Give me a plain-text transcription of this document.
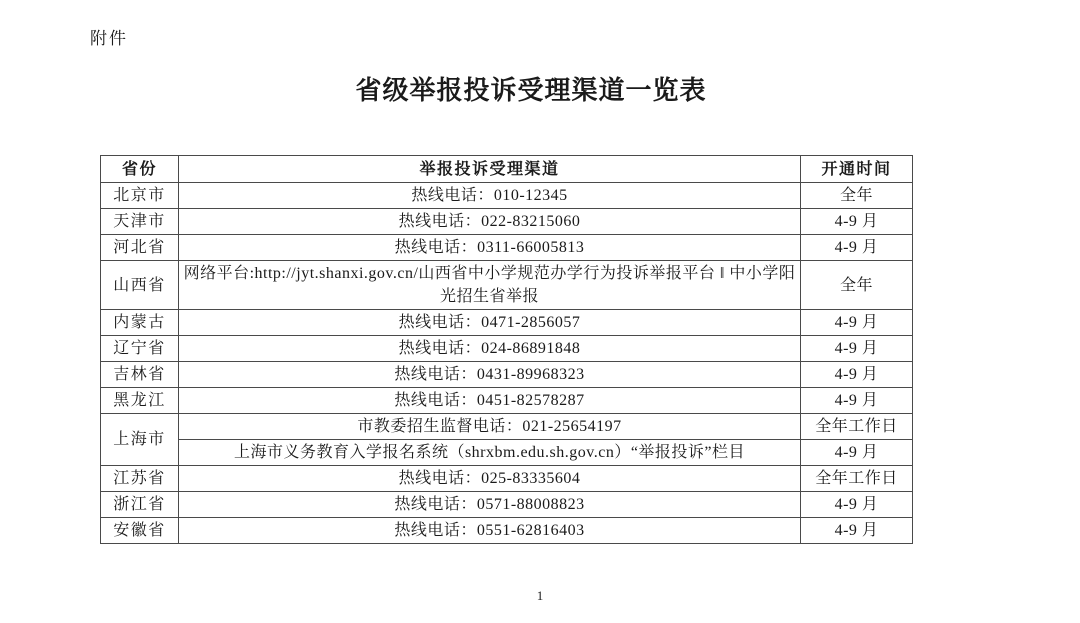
附件
省级举报投诉受理渠道一览表
省份	举报投诉受理渠道	开通时间
北京市	热线电话：010-12345	全年
天津市	热线电话：022-83215060	4-9 月
河北省	热线电话：0311-66005813	4-9 月
山西省	网络平台:http://jyt.shanxi.gov.cn/山西省中小学规范办学行为投诉举报平台 ‖ 中小学阳光招生省举报	全年
内蒙古	热线电话：0471-2856057	4-9 月
辽宁省	热线电话：024-86891848	4-9 月
吉林省	热线电话：0431-89968323	4-9 月
黑龙江	热线电话：0451-82578287	4-9 月
上海市	市教委招生监督电话：021-25654197	全年工作日
	上海市义务教育入学报名系统（shrxbm.edu.sh.gov.cn）“举报投诉”栏目	4-9 月
江苏省	热线电话：025-83335604	全年工作日
浙江省	热线电话：0571-88008823	4-9 月
安徽省	热线电话：0551-62816403	4-9 月
1
